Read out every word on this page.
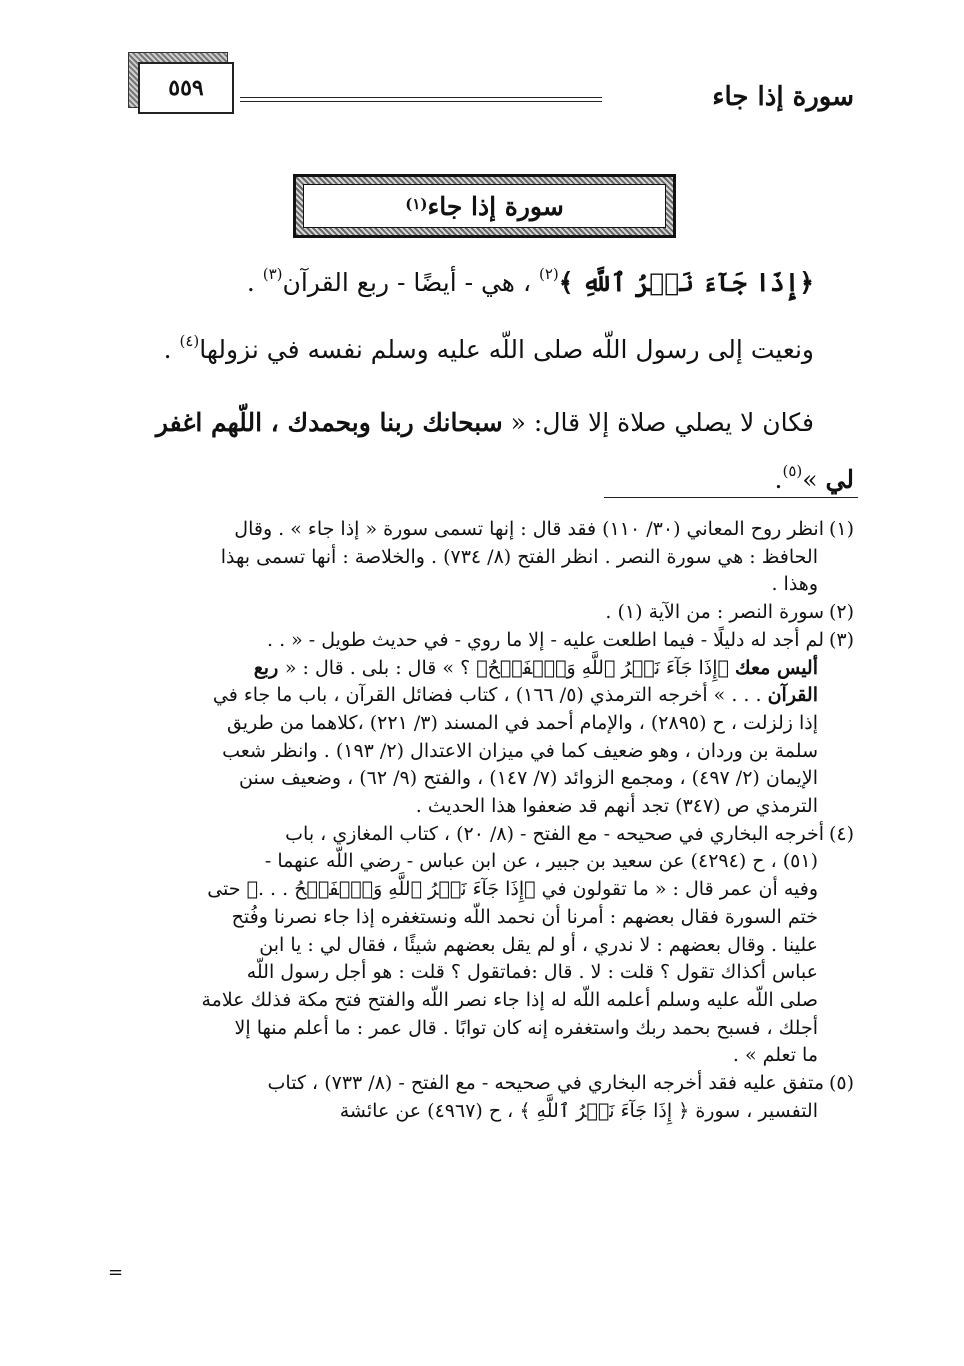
سورة إذا جاء
٥٥٩
سورة إذا جاء
$^{(١)}$
﴿إِذَا جَآءَ نَصۡرُ ٱللَّهِ ﴾$^{(٢)}$ ، هي - أيضًا - ربع القرآن$^{(٣)}$ .
ونعيت إلى رسول اللّه صلى اللّه عليه وسلم نفسه في نزولها$^{(٤)}$ .
فكان لا يصلي صلاة إلا قال: « سبحانك ربنا وبحمدك ، اللّهم اغفر
لي »$^{(٥)}$.
(١)انظر روح المعاني (٣٠/ ١١٠) فقد قال : إنها تسمى سورة « إذا جاء » . وقال
الحافظ : هي سورة النصر . انظر الفتح (٨/ ٧٣٤) . والخلاصة : أنها تسمى بهذا
وهذا .
(٢)سورة النصر : من الآية (١) .
(٣)لم أجد له دليلًا - فيما اطلعت عليه - إلا ما روي - في حديث طويل - « . .
أليس معك ﴿إِذَا جَآءَ نَصۡرُ ٱللَّهِ وَٱلۡفَتۡحُ﴾ ؟ » قال : بلى . قال : « ربع
القرآن . . . » أخرجه الترمذي (٥/ ١٦٦) ، كتاب فضائل القرآن ، باب ما جاء في
إذا زلزلت ، ح (٢٨٩٥) ، والإمام أحمد في المسند (٣/ ٢٢١) ،كلاهما من طريق
سلمة بن وردان ، وهو ضعيف كما في ميزان الاعتدال (٢/ ١٩٣) . وانظر شعب
الإيمان (٢/ ٤٩٧) ، ومجمع الزوائد (٧/ ١٤٧) ، والفتح (٩/ ٦٢) ، وضعيف سنن
الترمذي ص (٣٤٧) تجد أنهم قد ضعفوا هذا الحديث .
(٤)أخرجه البخاري في صحيحه - مع الفتح - (٨/ ٢٠) ، كتاب المغازي ، باب
(٥١) ، ح (٤٢٩٤) عن سعيد بن جبير ، عن ابن عباس - رضي اللّه عنهما -
وفيه أن عمر قال : « ما تقولون في ﴿إِذَا جَآءَ نَصۡرُ ٱللَّهِ وَٱلۡفَتۡحُ . . .﴾ حتى
ختم السورة فقال بعضهم : أمرنا أن نحمد اللّه ونستغفره إذا جاء نصرنا وفُتح
علينا . وقال بعضهم : لا ندري ، أو لم يقل بعضهم شيئًا ، فقال لي : يا ابن
عباس أكذاك تقول ؟ قلت : لا . قال :فماتقول ؟ قلت : هو أجل رسول اللّه
صلى اللّه عليه وسلم أعلمه اللّه له إذا جاء نصر اللّه والفتح فتح مكة فذلك علامة
أجلك ، فسبح بحمد ربك واستغفره إنه كان توابًا . قال عمر : ما أعلم منها إلا
ما تعلم » .
(٥)متفق عليه فقد أخرجه البخاري في صحيحه - مع الفتح - (٨/ ٧٣٣) ، كتاب
التفسير ، سورة ﴿ إِذَا جَآءَ نَصۡرُ ٱللَّهِ ﴾ ، ح (٤٩٦٧) عن عائشة
=
